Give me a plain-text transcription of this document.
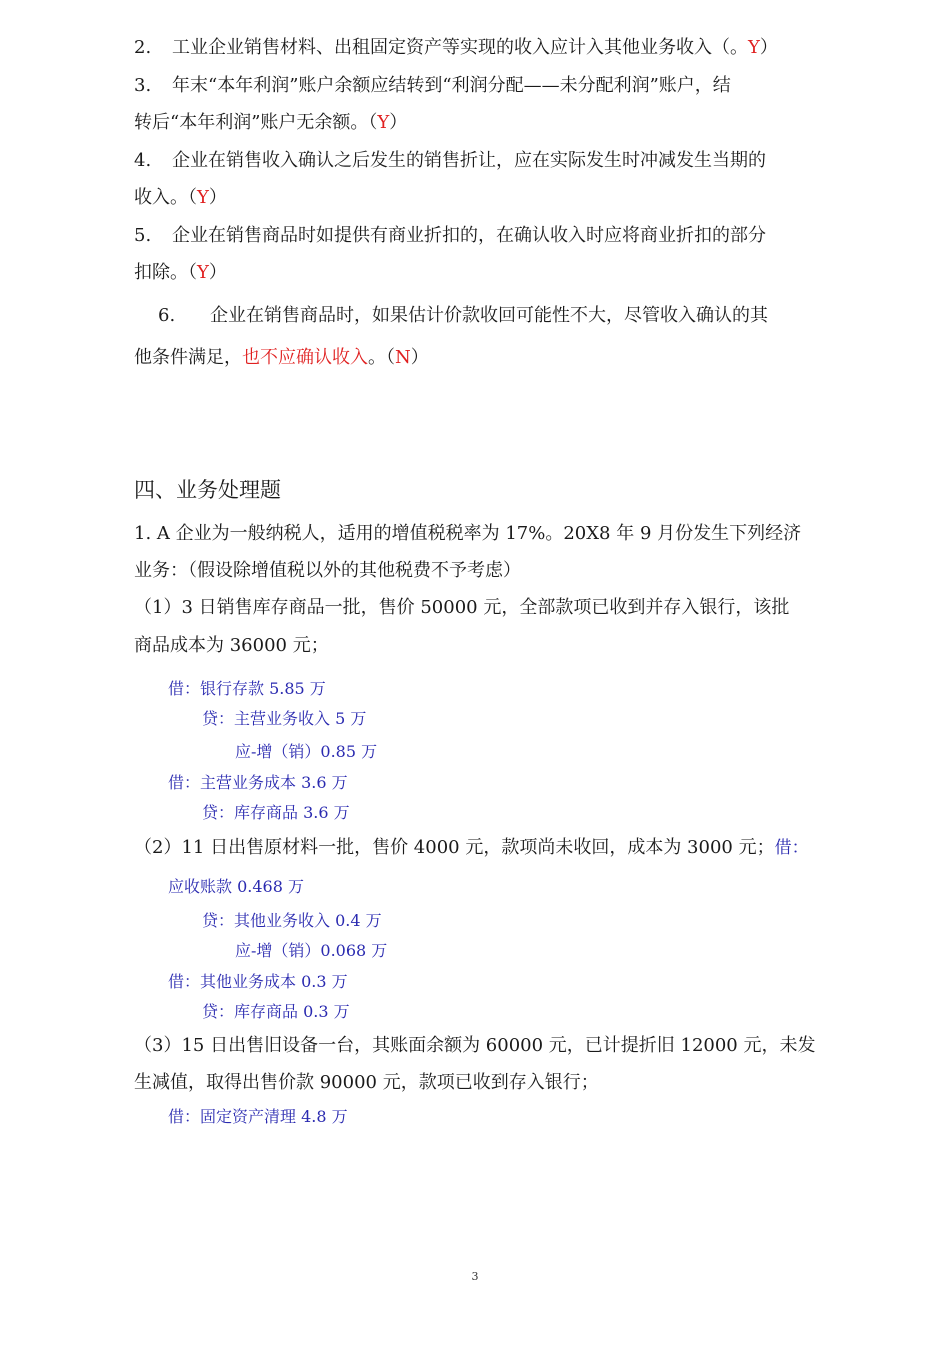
2. 工业企业销售材料、出租固定资产等实现的收入应计入其他业务收入（。Y）
3. 年末“本年利润”账户余额应结转到“利润分配——未分配利润”账户，结
转后“本年利润”账户无余额。（Y）
4. 企业在销售收入确认之后发生的销售折让，应在实际发生时冲减发生当期的
收入。（Y）
5. 企业在销售商品时如提供有商业折扣的，在确认收入时应将商业折扣的部分
扣除。（Y）
6. 企业在销售商品时，如果估计价款收回可能性不大，尽管收入确认的其
他条件满足，也不应确认收入。（N）
四、业务处理题
1. A 企业为一般纳税人，适用的增值税税率为 17%。20X8 年 9 月份发生下列经济
业务：（假设除增值税以外的其他税费不予考虑）
（1）3 日销售库存商品一批，售价 50000 元，全部款项已收到并存入银行，该批
商品成本为 36000 元；
借：银行存款 5.85 万
贷：主营业务收入 5 万
应-增（销）0.85 万
借：主营业务成本 3.6 万
贷：库存商品 3.6 万
（2）11 日出售原材料一批，售价 4000 元，款项尚未收回，成本为 3000 元；借：
应收账款 0.468 万
贷：其他业务收入 0.4 万
应-增（销）0.068 万
借：其他业务成本 0.3 万
贷：库存商品 0.3 万
（3）15 日出售旧设备一台，其账面余额为 60000 元，已计提折旧 12000 元，未发
生减值，取得出售价款 90000 元，款项已收到存入银行；
借：固定资产清理 4.8 万
3
